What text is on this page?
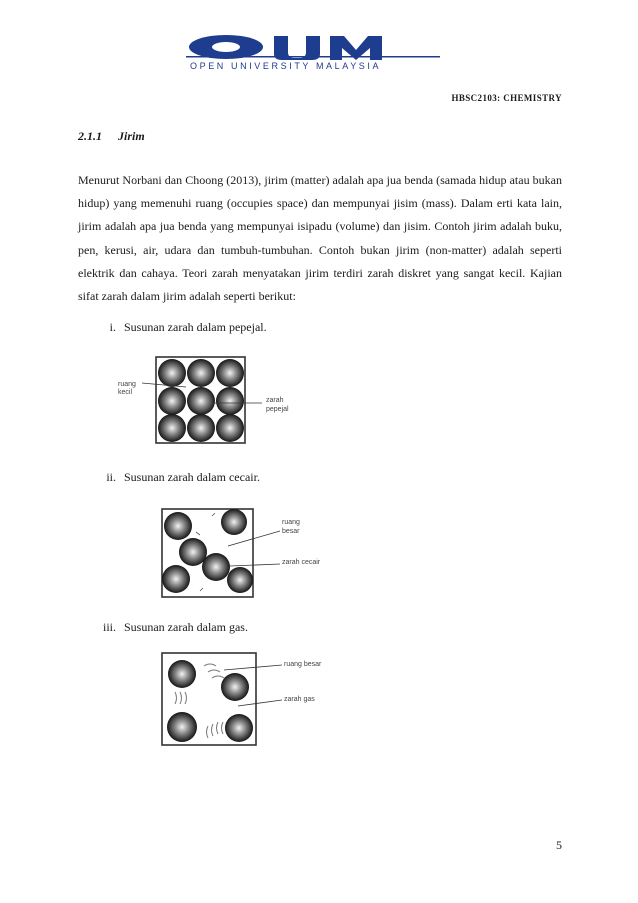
OPEN UNIVERSITY MALAYSIA
HBSC2103: CHEMISTRY
2.1.1 Jirim
Menurut Norbani dan Choong (2013), jirim (matter) adalah apa jua benda (samada hidup atau bukan hidup) yang memenuhi ruang (occupies space) dan mempunyai jisim (mass). Dalam erti kata lain, jirim adalah apa jua benda yang mempunyai isipadu (volume) dan jisim. Contoh jirim adalah buku, pen, kerusi, air, udara dan tumbuh-tumbuhan. Contoh bukan jirim (non-matter) adalah seperti elektrik dan cahaya. Teori zarah menyatakan jirim terdiri zarah diskret yang sangat kecil. Kajian sifat zarah dalam jirim adalah seperti berikut:
i. Susunan zarah dalam pepejal.
ruang
kecil
zarah
pepejal
ii. Susunan zarah dalam cecair.
ruang
besar
zarah cecair
iii. Susunan zarah dalam gas.
ruang besar
zarah gas
5
